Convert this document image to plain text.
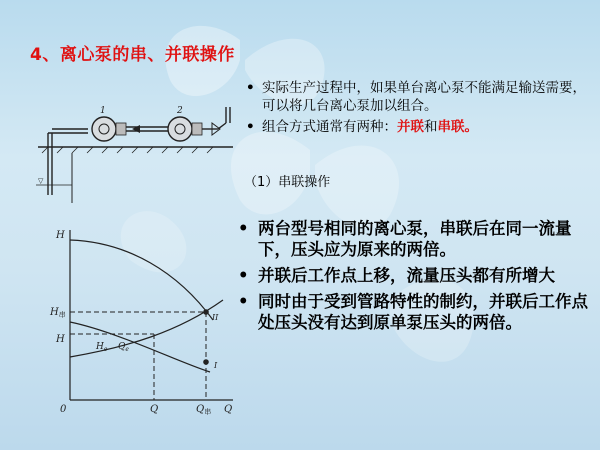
4、离心泵的串、并联操作
▽
1	2
• 实际生产过程中，如果单台离心泵不能满足输送需要，可以将几台离心泵加以组合。
• 组合方式通常有两种：并联和串联。
（1）串联操作
H
$H_串$
H
$H_e$ $Q_e$
II
I
0	Q	$Q_串$ Q
• 两台型号相同的离心泵，串联后在同一流量下，压头应为原来的两倍。
• 并联后工作点上移，流量压头都有所增大
• 同时由于受到管路特性的制约，并联后工作点处压头没有达到原单泵压头的两倍。
